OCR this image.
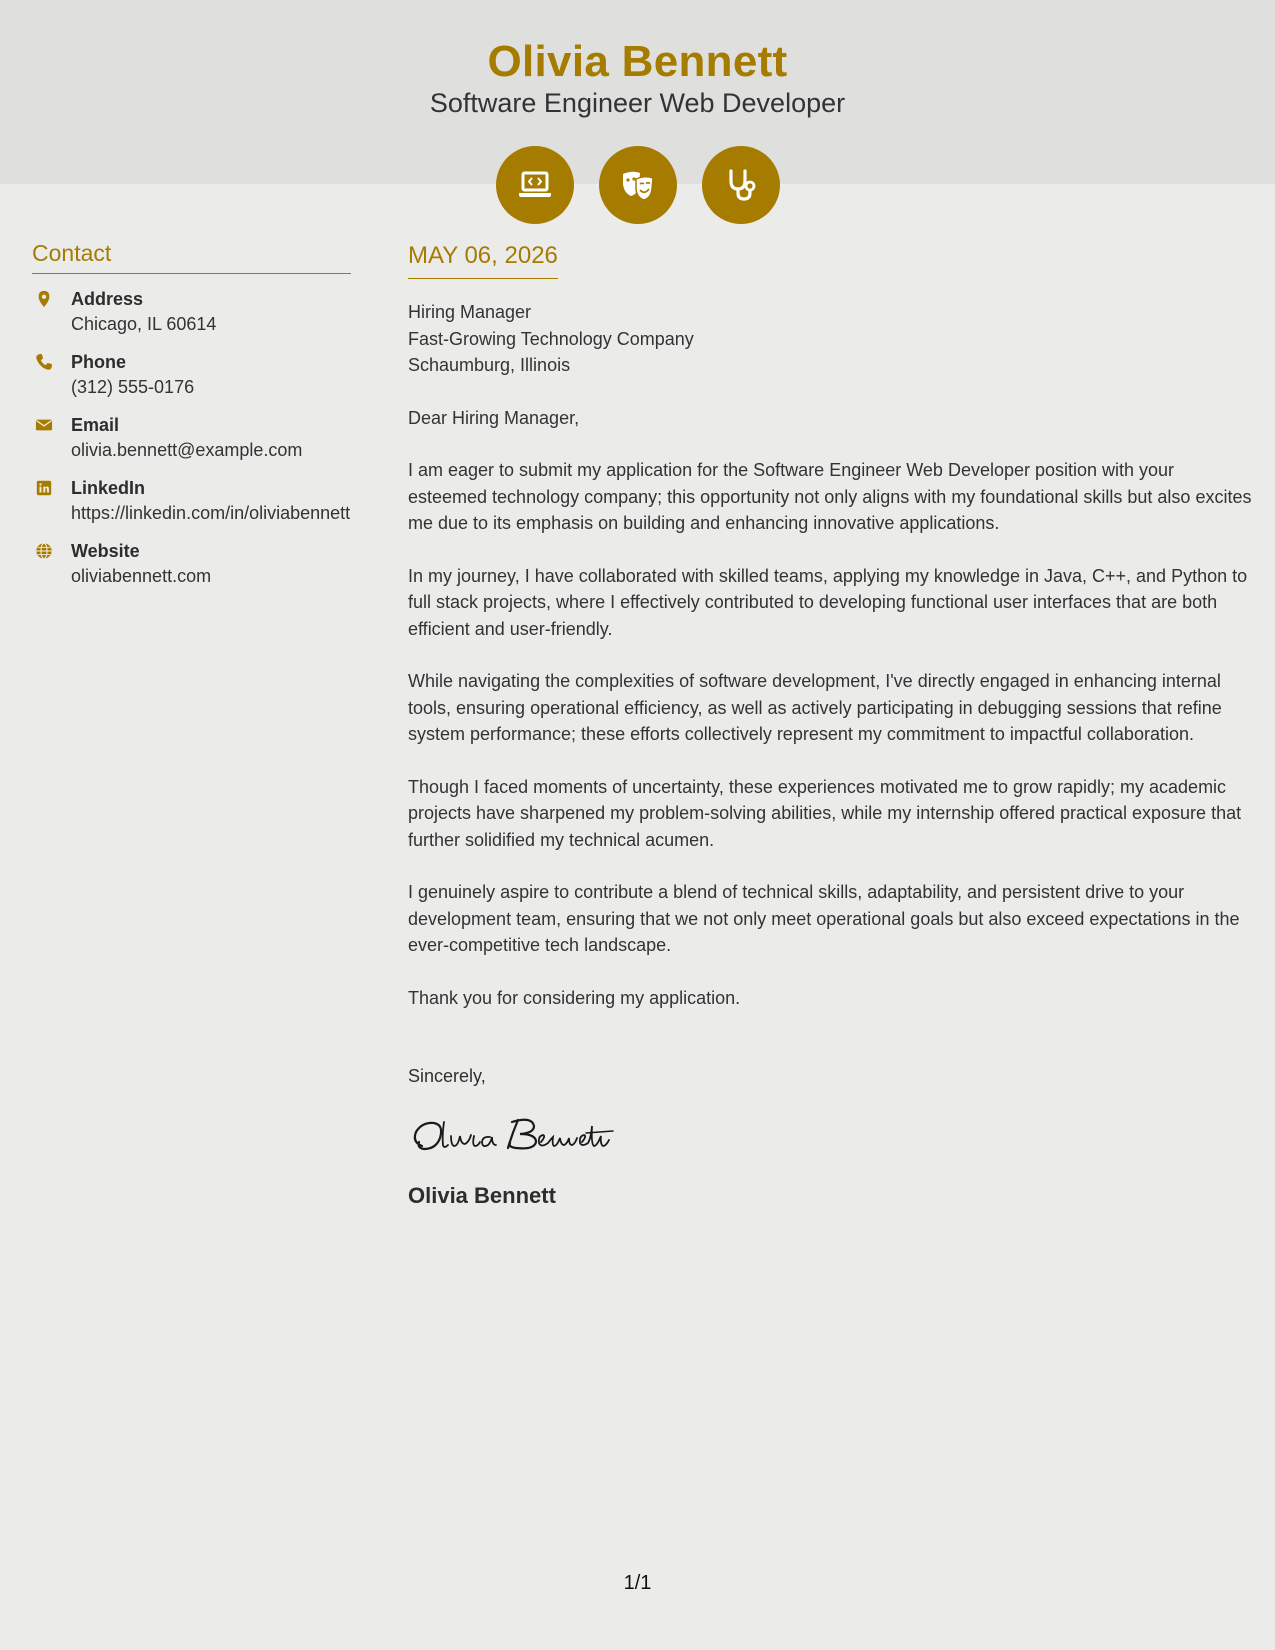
Olivia Bennett
Software Engineer Web Developer
Contact
Address
Chicago, IL 60614
Phone
(312) 555-0176
Email
olivia.bennett@example.com
LinkedIn
https://linkedin.com/in/oliviabennett
Website
oliviabennett.com
MAY 06, 2026
Hiring Manager
Fast-Growing Technology Company
Schaumburg, Illinois

Dear Hiring Manager,

I am eager to submit my application for the Software Engineer Web Developer position with your esteemed technology company; this opportunity not only aligns with my foundational skills but also excites me due to its emphasis on building and enhancing innovative applications.

In my journey, I have collaborated with skilled teams, applying my knowledge in Java, C++, and Python to full stack projects, where I effectively contributed to developing functional user interfaces that are both efficient and user-friendly.

While navigating the complexities of software development, I've directly engaged in enhancing internal tools, ensuring operational efficiency, as well as actively participating in debugging sessions that refine system performance; these efforts collectively represent my commitment to impactful collaboration.

Though I faced moments of uncertainty, these experiences motivated me to grow rapidly; my academic projects have sharpened my problem-solving abilities, while my internship offered practical exposure that further solidified my technical acumen.

I genuinely aspire to contribute a blend of technical skills, adaptability, and persistent drive to your development team, ensuring that we not only meet operational goals but also exceed expectations in the ever-competitive tech landscape.

Thank you for considering my application.

Sincerely,
Olivia Bennett
1/1
